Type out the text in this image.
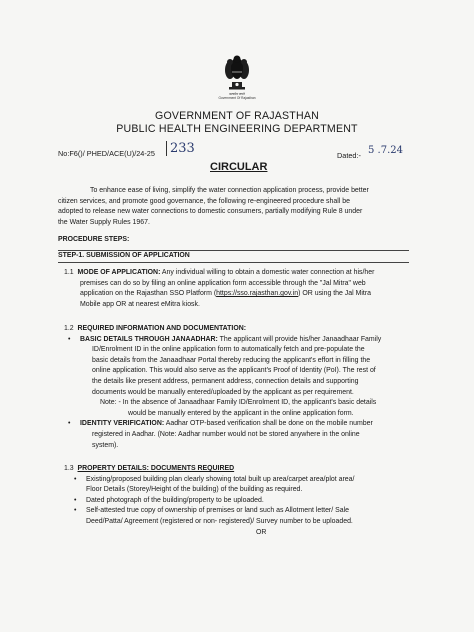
सत्यमेव जयते
Government Of Rajasthan
GOVERNMENT OF RAJASTHAN
PUBLIC HEALTH ENGINEERING DEPARTMENT
No:F6()/ PHED/ACE(U)/24-25	233	Dated:- 5 .7.24
CIRCULAR
To enhance ease of living, simplify the water connection application process, provide better
citizen services, and promote good governance, the following re-engineered procedure shall be
adopted to release new water connections to domestic consumers, partially modifying Rule 8 under
the Water Supply Rules 1967.
PROCEDURE STEPS:
STEP-1. SUBMISSION OF APPLICATION
1.1 MODE OF APPLICATION: Any individual willing to obtain a domestic water connection at his/her
premises can do so by filing an online application form accessible through the "Jal Mitra" web
application on the Rajasthan SSO Platform (https://sso.rajasthan.gov.in) OR using the Jal Mitra
Mobile app OR at nearest eMitra kiosk.
1.2 REQUIRED INFORMATION AND DOCUMENTATION:
• BASIC DETAILS THROUGH JANAADHAR: The applicant will provide his/her Janaadhaar Family
ID/Enrolment ID in the online application form to automatically fetch and pre-populate the
basic details from the Janaadhaar Portal thereby reducing the applicant's effort in filling the
online application. This would also serve as the applicant's Proof of Identity (PoI). The rest of
the details like present address, permanent address, connection details and supporting
documents would be manually entered/uploaded by the applicant as per requirement.
Note: - In the absence of Janaadhaar Family ID/Enrolment ID, the applicant's basic details
would be manually entered by the applicant in the online application form.
• IDENTITY VERIFICATION: Aadhar OTP-based verification shall be done on the mobile number
registered in Aadhar. (Note: Aadhar number would not be stored anywhere in the online
system).
1.3 PROPERTY DETAILS: DOCUMENTS REQUIRED
• Existing/proposed building plan clearly showing total built up area/carpet area/plot area/
Floor Details (Storey/Height of the building) of the building as required.
• Dated photograph of the building/property to be uploaded.
• Self-attested true copy of ownership of premises or land such as Allotment letter/ Sale
Deed/Patta/ Agreement (registered or non- registered)/ Survey number to be uploaded.
OR
